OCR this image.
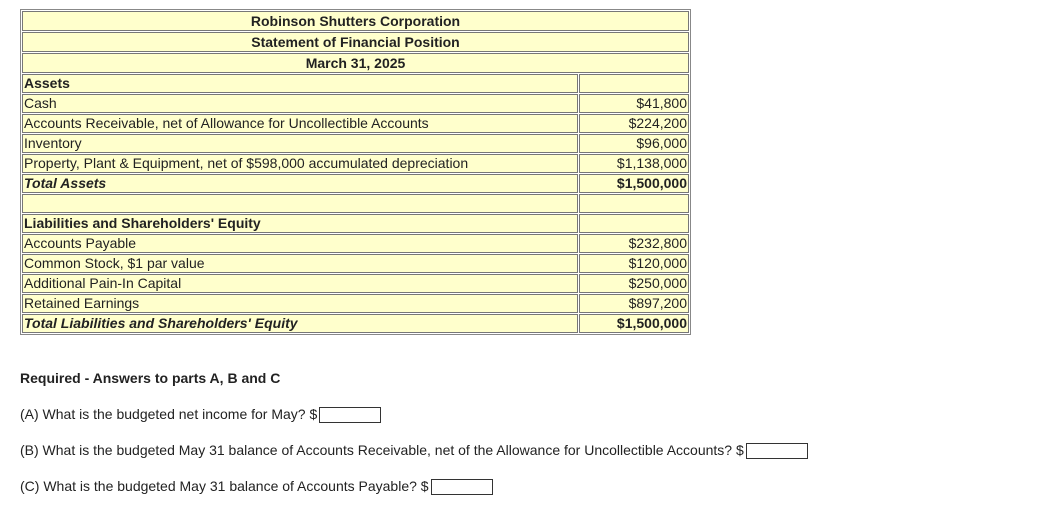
Robinson Shutters Corporation	
Statement of Financial Position	
March 31, 2025	
Assets	
Cash	$41,800
Accounts Receivable, net of Allowance for Uncollectible Accounts	$224,200
Inventory	$96,000
Property, Plant & Equipment, net of $598,000 accumulated depreciation	$1,138,000
Total Assets	$1,500,000

Liabilities and Shareholders' Equity	
Accounts Payable	$232,800
Common Stock, $1 par value	$120,000
Additional Pain-In Capital	$250,000
Retained Earnings	$897,200
Total Liabilities and Shareholders' Equity	$1,500,000

Required - Answers to parts A, B and C

(A) What is the budgeted net income for May? $

(B) What is the budgeted May 31 balance of Accounts Receivable, net of the Allowance for Uncollectible Accounts? $

(C) What is the budgeted May 31 balance of Accounts Payable? $
